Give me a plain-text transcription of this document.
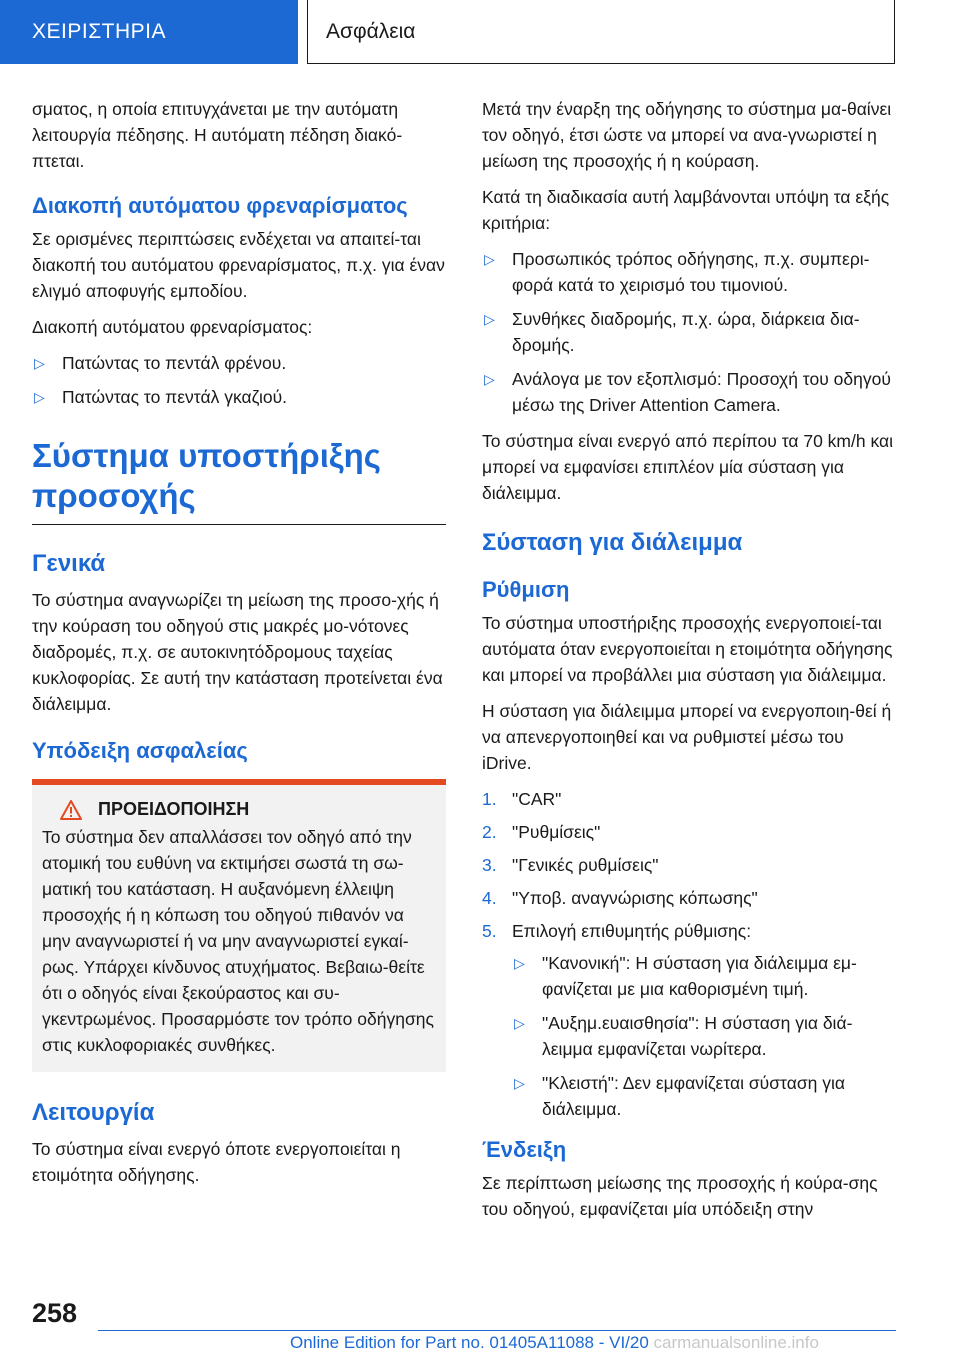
ΧΕΙΡΙΣΤΗΡΙΑ	Ασφάλεια

σματος, η οποία επιτυγχάνεται με την αυτόματη λειτουργία πέδησης. Η αυτόματη πέδηση διακό-πτεται.

Διακοπή αυτόματου φρεναρίσματος

Σε ορισμένες περιπτώσεις ενδέχεται να απαιτεί-ται διακοπή του αυτόματου φρεναρίσματος, π.χ. για έναν ελιγμό αποφυγής εμποδίου.

Διακοπή αυτόματου φρεναρίσματος:

▷ Πατώντας το πεντάλ φρένου.
▷ Πατώντας το πεντάλ γκαζιού.
Σύστημα υποστήριξης προσοχής
Γενικά

Το σύστημα αναγνωρίζει τη μείωση της προσο-χής ή την κούραση του οδηγού στις μακρές μο-νότονες διαδρομές, π.χ. σε αυτοκινητόδρομους ταχείας κυκλοφορίας. Σε αυτή την κατάσταση προτείνεται ένα διάλειμμα.

Υπόδειξη ασφαλείας
ΠΡΟΕΙΔΟΠΟΙΗΣΗ

Το σύστημα δεν απαλλάσσει τον οδηγό από την ατομική του ευθύνη να εκτιμήσει σωστά τη σω-ματική του κατάσταση. Η αυξανόμενη έλλειψη προσοχής ή η κόπωση του οδηγού πιθανόν να μην αναγνωριστεί ή να μην αναγνωριστεί εγκαί-ρως. Υπάρχει κίνδυνος ατυχήματος. Βεβαιω-θείτε ότι ο οδηγός είναι ξεκούραστος και συ-γκεντρωμένος. Προσαρμόστε τον τρόπο οδήγησης στις κυκλοφοριακές συνθήκες.

Λειτουργία

Το σύστημα είναι ενεργό όποτε ενεργοποιείται η ετοιμότητα οδήγησης.

Μετά την έναρξη της οδήγησης το σύστημα μα-θαίνει τον οδηγό, έτσι ώστε να μπορεί να ανα-γνωριστεί η μείωση της προσοχής ή η κούραση.

Κατά τη διαδικασία αυτή λαμβάνονται υπόψη τα εξής κριτήρια:

▷ Προσωπικός τρόπος οδήγησης, π.χ. συμπερι-φορά κατά το χειρισμό του τιμονιού.
▷ Συνθήκες διαδρομής, π.χ. ώρα, διάρκεια δια-δρομής.
▷ Ανάλογα με τον εξοπλισμό: Προσοχή του οδηγού μέσω της Driver Attention Camera.

Το σύστημα είναι ενεργό από περίπου τα 70 km/h και μπορεί να εμφανίσει επιπλέον μία σύσταση για διάλειμμα.

Σύσταση για διάλειμμα
Ρύθμιση

Το σύστημα υποστήριξης προσοχής ενεργοποιεί-ται αυτόματα όταν ενεργοποιείται η ετοιμότητα οδήγησης και μπορεί να προβάλλει μια σύσταση για διάλειμμα.

Η σύσταση για διάλειμμα μπορεί να ενεργοποιη-θεί ή να απενεργοποιηθεί και να ρυθμιστεί μέσω του iDrive.

1. "CAR"
2. "Ρυθμίσεις"
3. "Γενικές ρυθμίσεις"
4. "Υποβ. αναγνώρισης κόπωσης"
5. Επιλογή επιθυμητής ρύθμισης:
▷ "Κανονική": Η σύσταση για διάλειμμα εμ-φανίζεται με μια καθορισμένη τιμή.
▷ "Αυξημ.ευαισθησία": Η σύσταση για διά-λειμμα εμφανίζεται νωρίτερα.
▷ "Κλειστή": Δεν εμφανίζεται σύσταση για διάλειμμα.
Ένδειξη

Σε περίπτωση μείωσης της προσοχής ή κούρα-σης του οδηγού, εμφανίζεται μία υπόδειξη στην

258
Online Edition for Part no. 01405A11088 - VI/20 carmanualsonline.info
